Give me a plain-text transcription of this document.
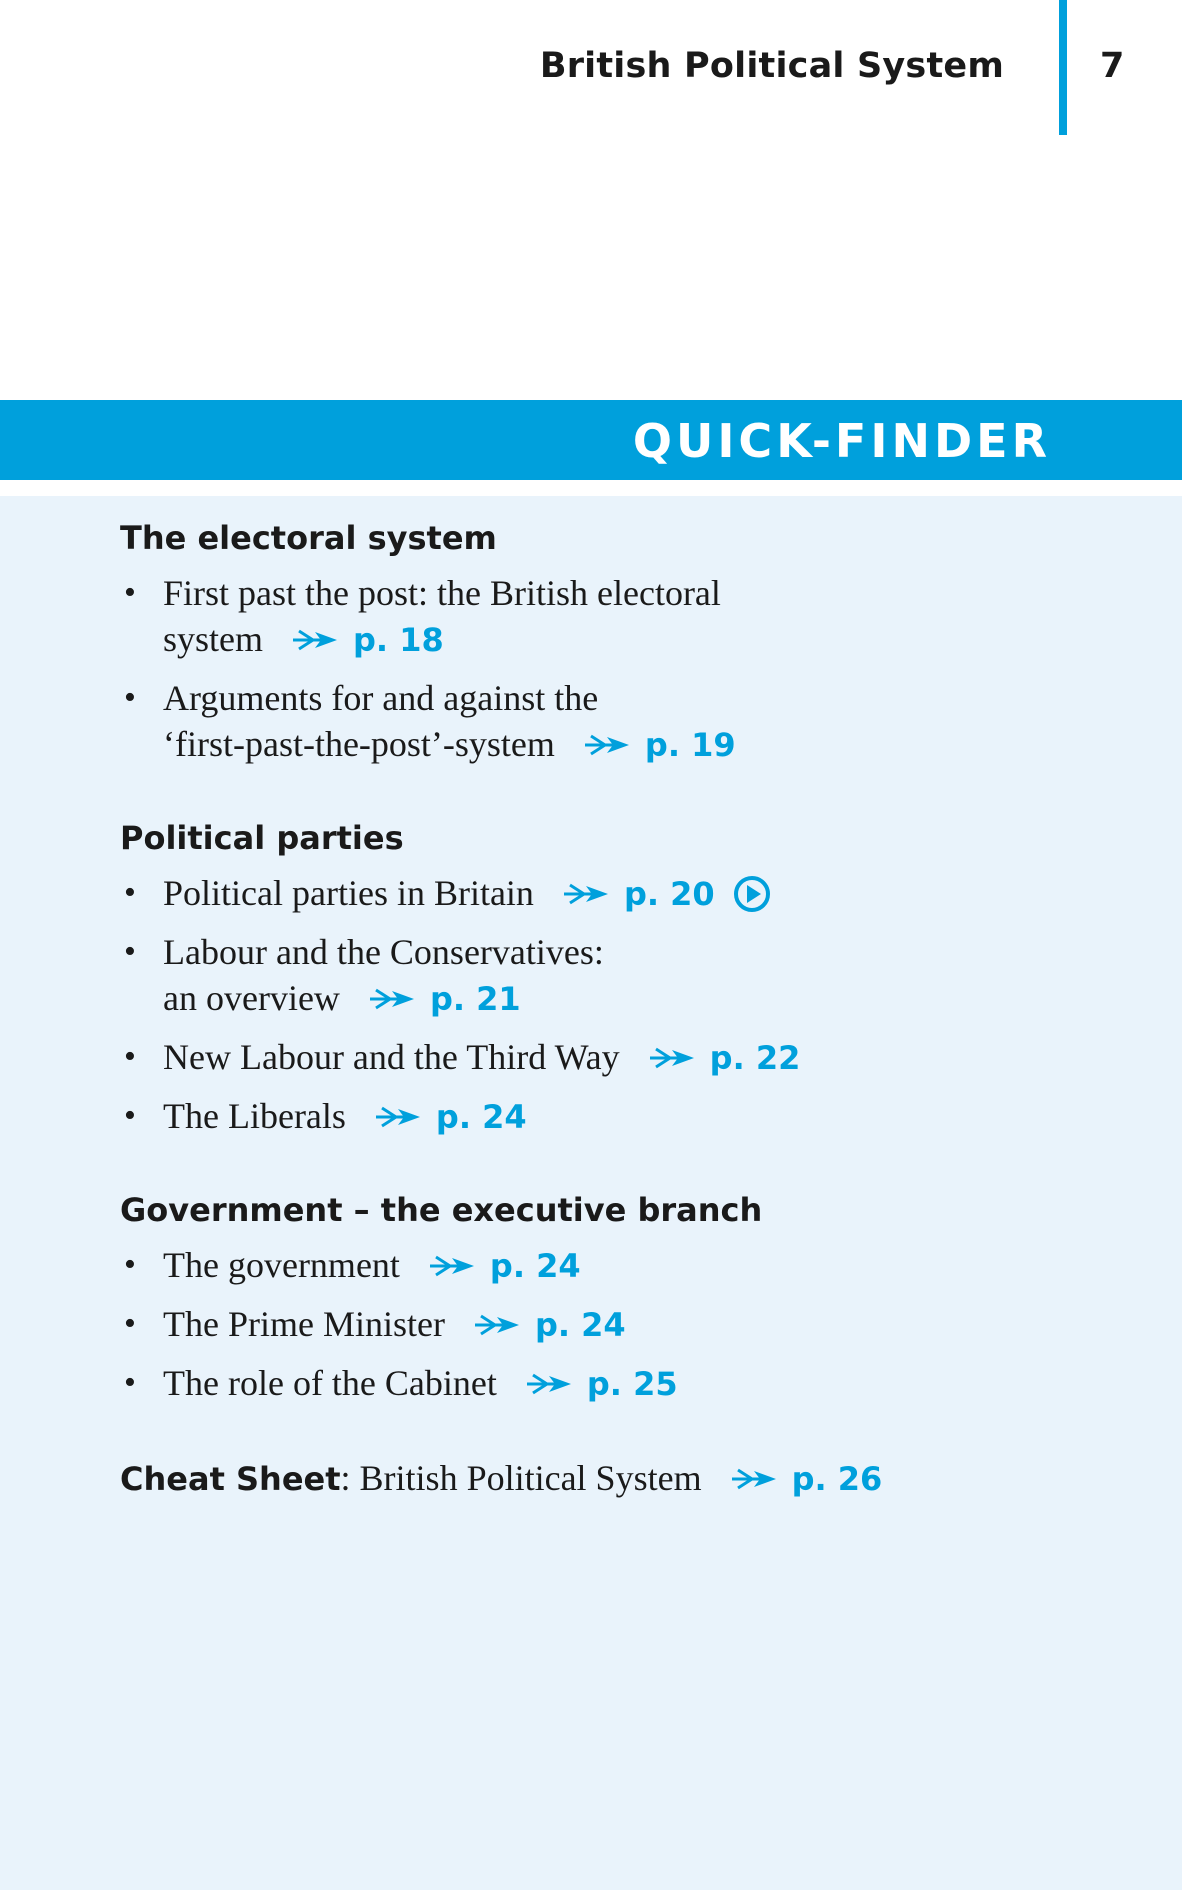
British Political System	7
QUICK-FINDER
The electoral system
• First past the post: the British electoral
system	p. 18
• Arguments for and against the
‘first-past-the-post’-system	p. 19
Political parties
• Political parties in Britain	p. 20
• Labour and the Conservatives:
an overview	p. 21
• New Labour and the Third Way	p. 22
• The Liberals	p. 24
Government – the executive branch
• The government	p. 24
• The Prime Minister	p. 24
• The role of the Cabinet	p. 25
Cheat Sheet: British Political System	p. 26
